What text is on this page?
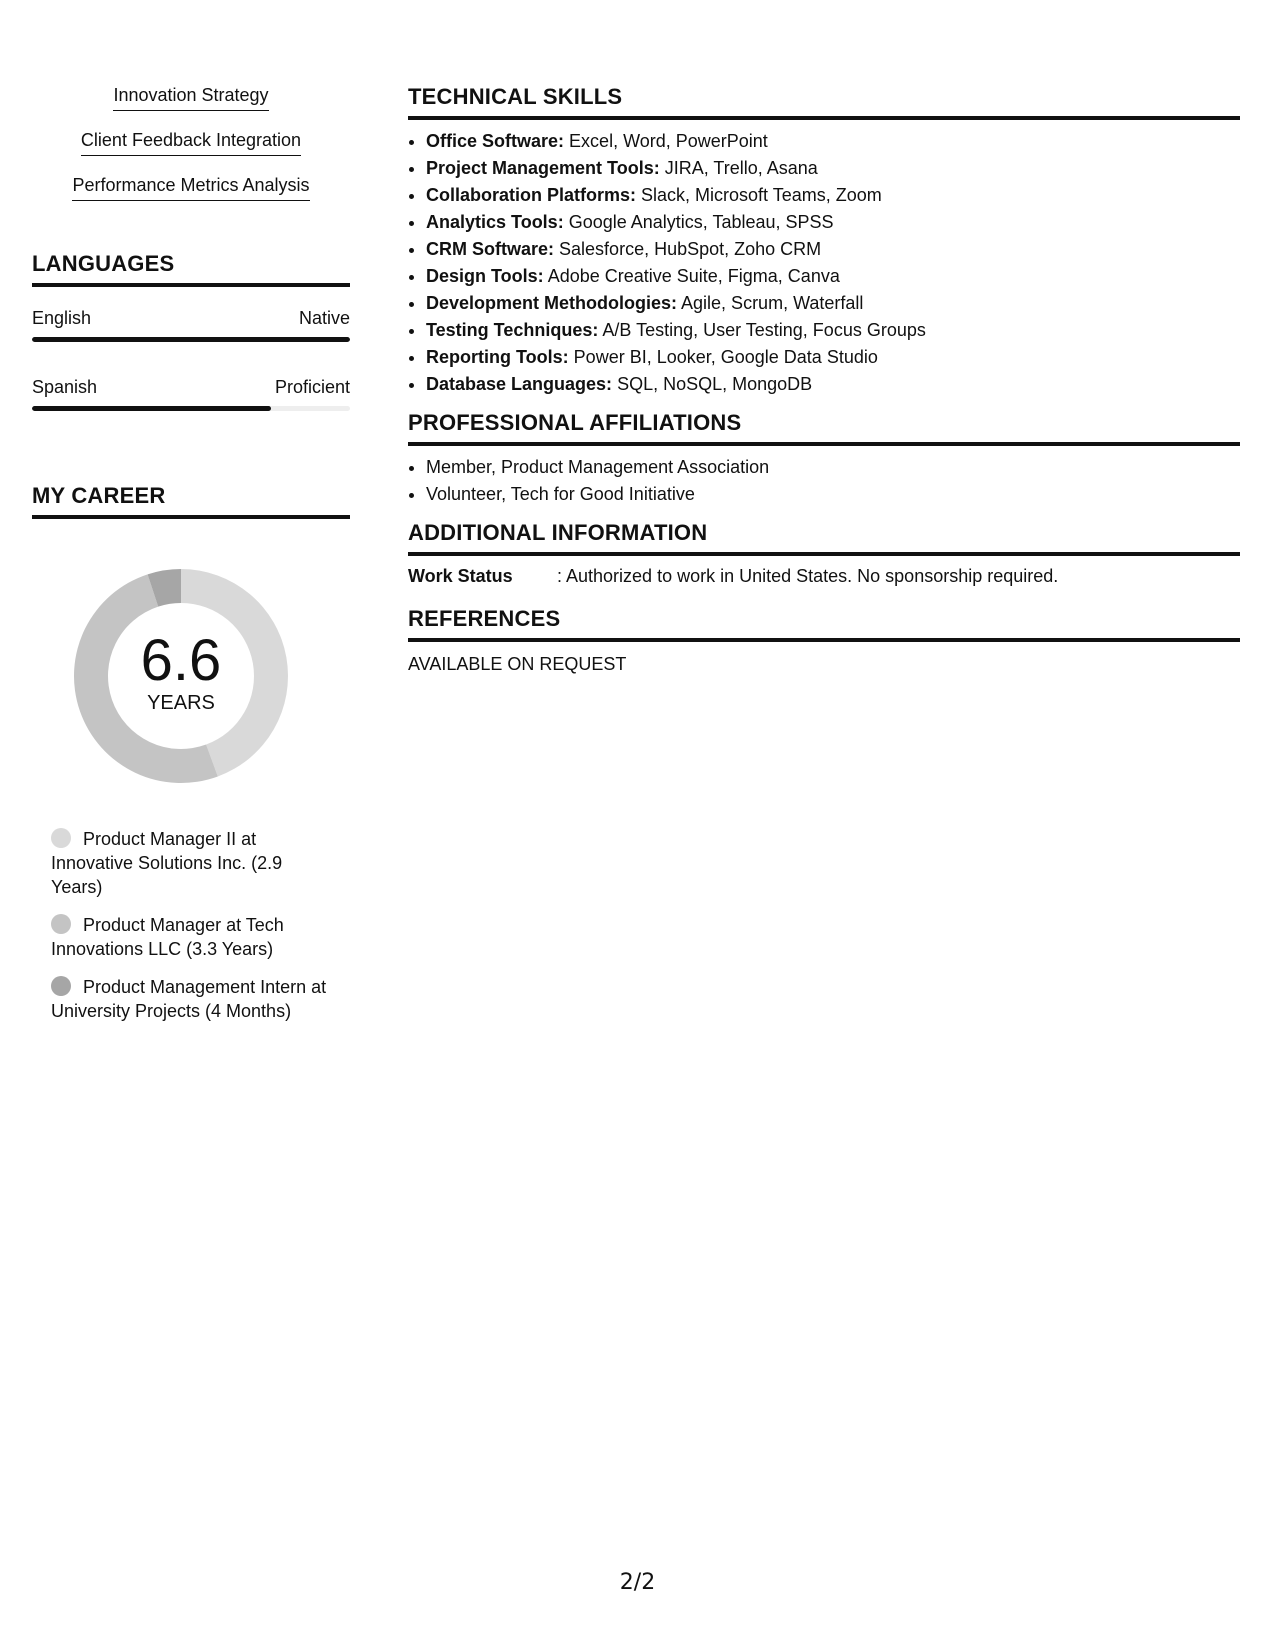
Innovation Strategy
Client Feedback Integration
Performance Metrics Analysis
LANGUAGES
English	Native
Spanish	Proficient
MY CAREER
6.6
YEARS
Product Manager II at Innovative Solutions Inc. (2.9 Years)
Product Manager at Tech Innovations LLC (3.3 Years)
Product Management Intern at University Projects (4 Months)
TECHNICAL SKILLS
• Office Software: Excel, Word, PowerPoint
• Project Management Tools: JIRA, Trello, Asana
• Collaboration Platforms: Slack, Microsoft Teams, Zoom
• Analytics Tools: Google Analytics, Tableau, SPSS
• CRM Software: Salesforce, HubSpot, Zoho CRM
• Design Tools: Adobe Creative Suite, Figma, Canva
• Development Methodologies: Agile, Scrum, Waterfall
• Testing Techniques: A/B Testing, User Testing, Focus Groups
• Reporting Tools: Power BI, Looker, Google Data Studio
• Database Languages: SQL, NoSQL, MongoDB
PROFESSIONAL AFFILIATIONS
• Member, Product Management Association
• Volunteer, Tech for Good Initiative
ADDITIONAL INFORMATION
Work Status	: Authorized to work in United States. No sponsorship required.
REFERENCES
AVAILABLE ON REQUEST
2/2
